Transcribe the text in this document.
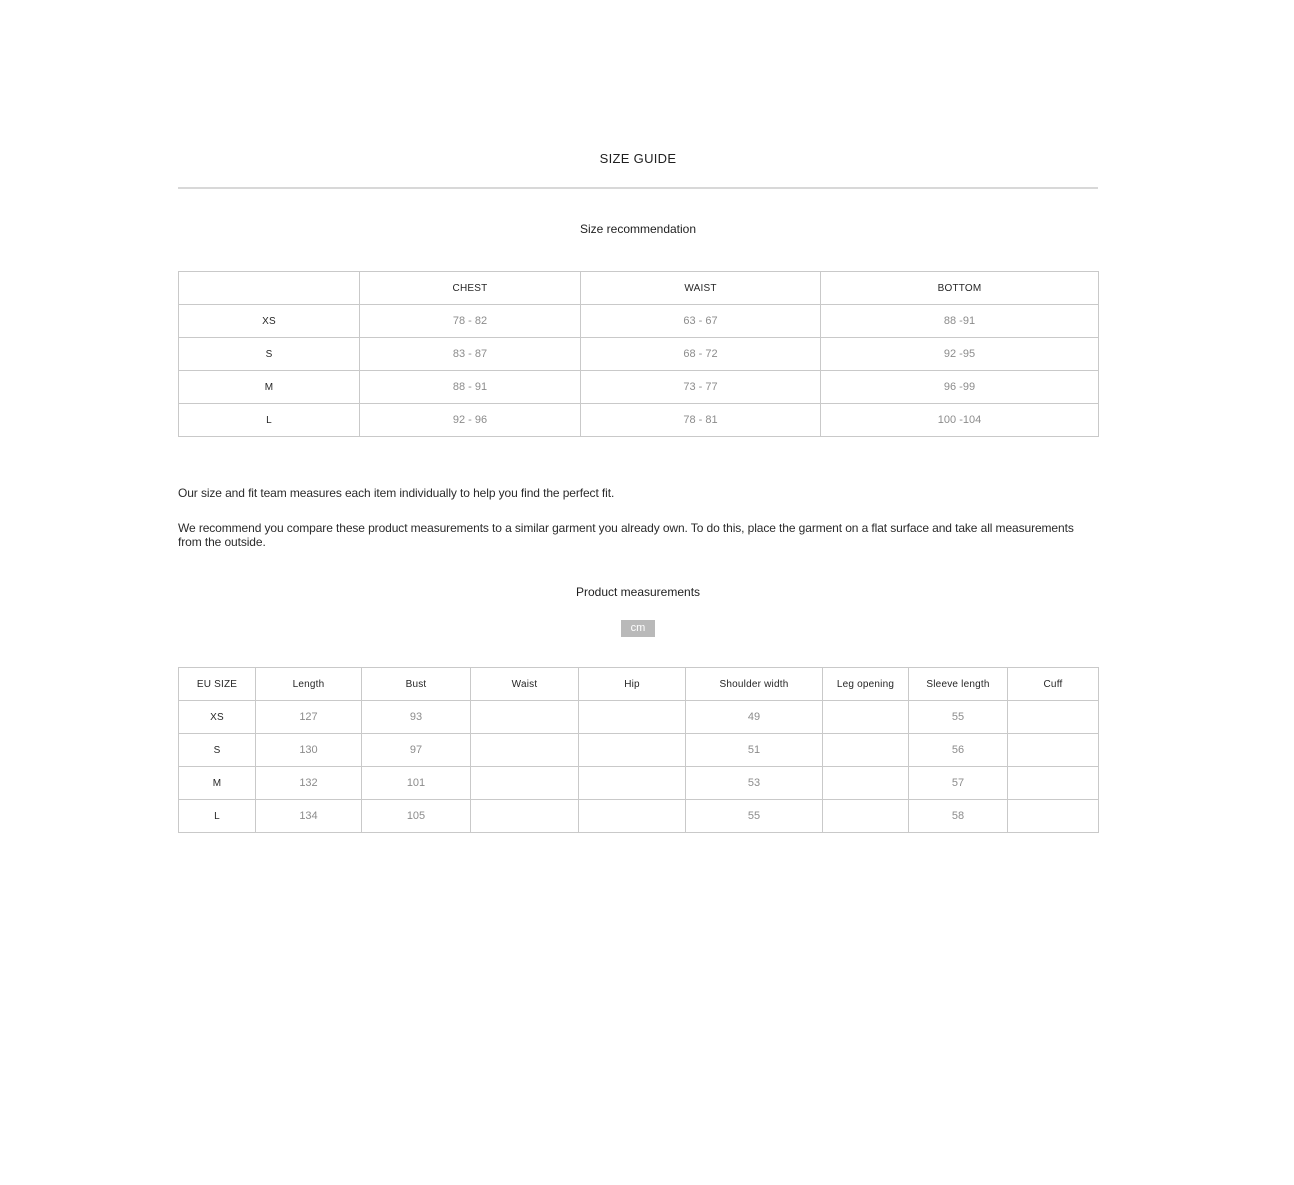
SIZE GUIDE
Size recommendation
	CHEST	WAIST	BOTTOM
XS	78 - 82	63 - 67	88 -91
S	83 - 87	68 - 72	92 -95
M	88 - 91	73 - 77	96 -99
L	92 - 96	78 - 81	100 -104

Our size and fit team measures each item individually to help you find the perfect fit.

We recommend you compare these product measurements to a similar garment you already own. To do this, place the garment on a flat surface and take all measurements from the outside.

Product measurements
cm
EU SIZE	Length	Bust	Waist	Hip	Shoulder width	Leg opening	Sleeve length	Cuff
XS	127	93			49		55	
S	130	97			51		56	
M	132	101			53		57	
L	134	105			55		58	
